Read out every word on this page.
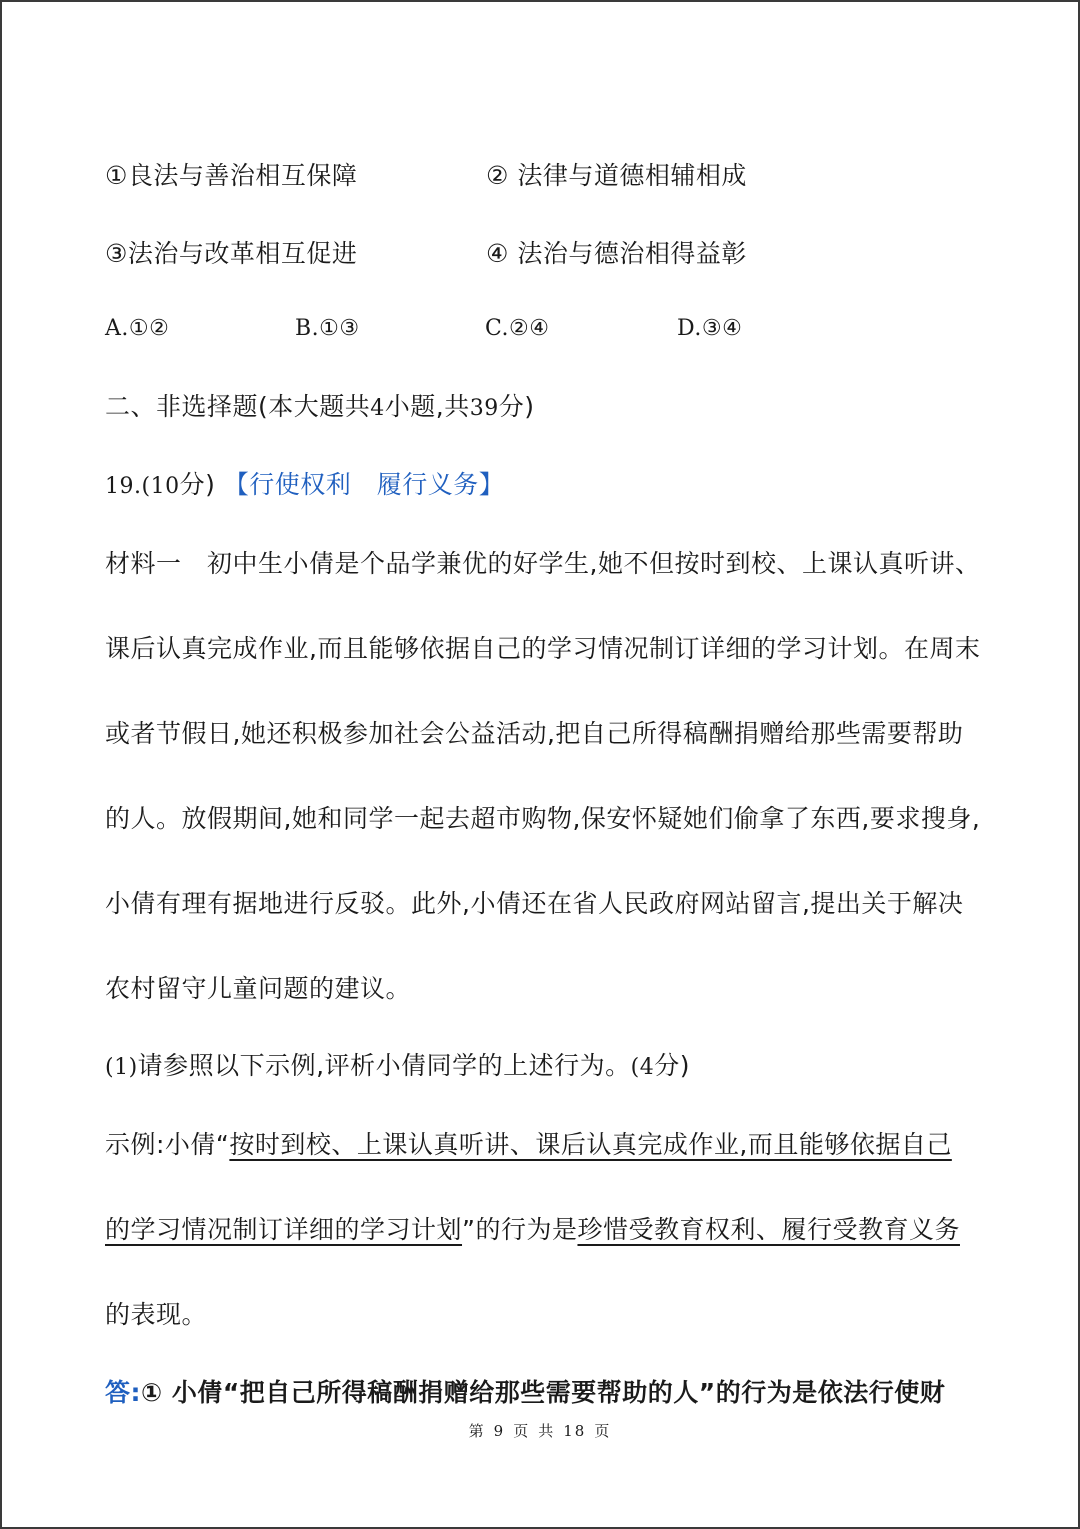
①良法与善治相互保障	② 法律与道德相辅相成
③法治与改革相互促进	④ 法治与德治相得益彰
A.①②	B.①③	C.②④	D.③④
二、非选择题(本大题共4小题,共39分)
19.(10分) 【行使权利　履行义务】
材料一　初中生小倩是个品学兼优的好学生,她不但按时到校、上课认真听讲、
课后认真完成作业,而且能够依据自己的学习情况制订详细的学习计划。在周末
或者节假日,她还积极参加社会公益活动,把自己所得稿酬捐赠给那些需要帮助
的人。放假期间,她和同学一起去超市购物,保安怀疑她们偷拿了东西,要求搜身,
小倩有理有据地进行反驳。此外,小倩还在省人民政府网站留言,提出关于解决
农村留守儿童问题的建议。
(1)请参照以下示例,评析小倩同学的上述行为。(4分)
示例:小倩“按时到校、上课认真听讲、课后认真完成作业,而且能够依据自己
的学习情况制订详细的学习计划”的行为是珍惜受教育权利、履行受教育义务
的表现。
答:① 小倩“把自己所得稿酬捐赠给那些需要帮助的人”的行为是依法行使财
第 9 页 共 18 页
